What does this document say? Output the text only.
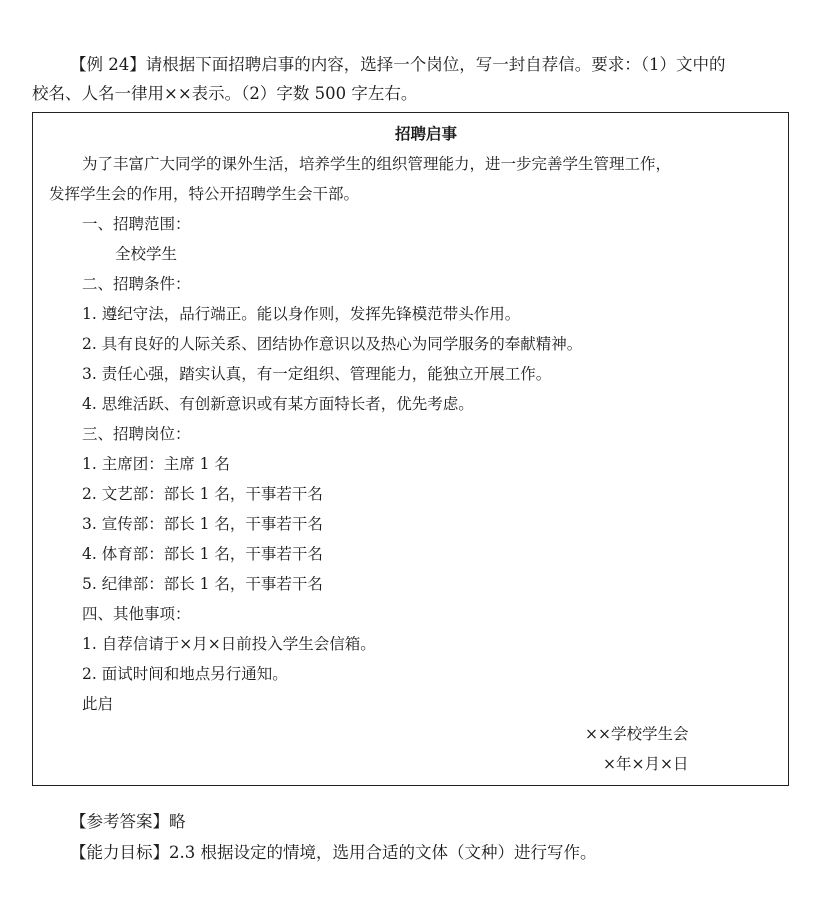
【例 24】请根据下面招聘启事的内容，选择一个岗位，写一封自荐信。要求：（1）文中的
校名、人名一律用××表示。（2）字数 500 字左右。
招聘启事
为了丰富广大同学的课外生活，培养学生的组织管理能力，进一步完善学生管理工作，
发挥学生会的作用，特公开招聘学生会干部。
一、招聘范围：
全校学生
二、招聘条件：
1. 遵纪守法，品行端正。能以身作则，发挥先锋模范带头作用。
2. 具有良好的人际关系、团结协作意识以及热心为同学服务的奉献精神。
3. 责任心强，踏实认真，有一定组织、管理能力，能独立开展工作。
4. 思维活跃、有创新意识或有某方面特长者，优先考虑。
三、招聘岗位：
1. 主席团：主席 1 名
2. 文艺部：部长 1 名，干事若干名
3. 宣传部：部长 1 名，干事若干名
4. 体育部：部长 1 名，干事若干名
5. 纪律部：部长 1 名，干事若干名
四、其他事项：
1. 自荐信请于×月×日前投入学生会信箱。
2. 面试时间和地点另行通知。
此启
××学校学生会
×年×月×日
【参考答案】略
【能力目标】2.3 根据设定的情境，选用合适的文体（文种）进行写作。
